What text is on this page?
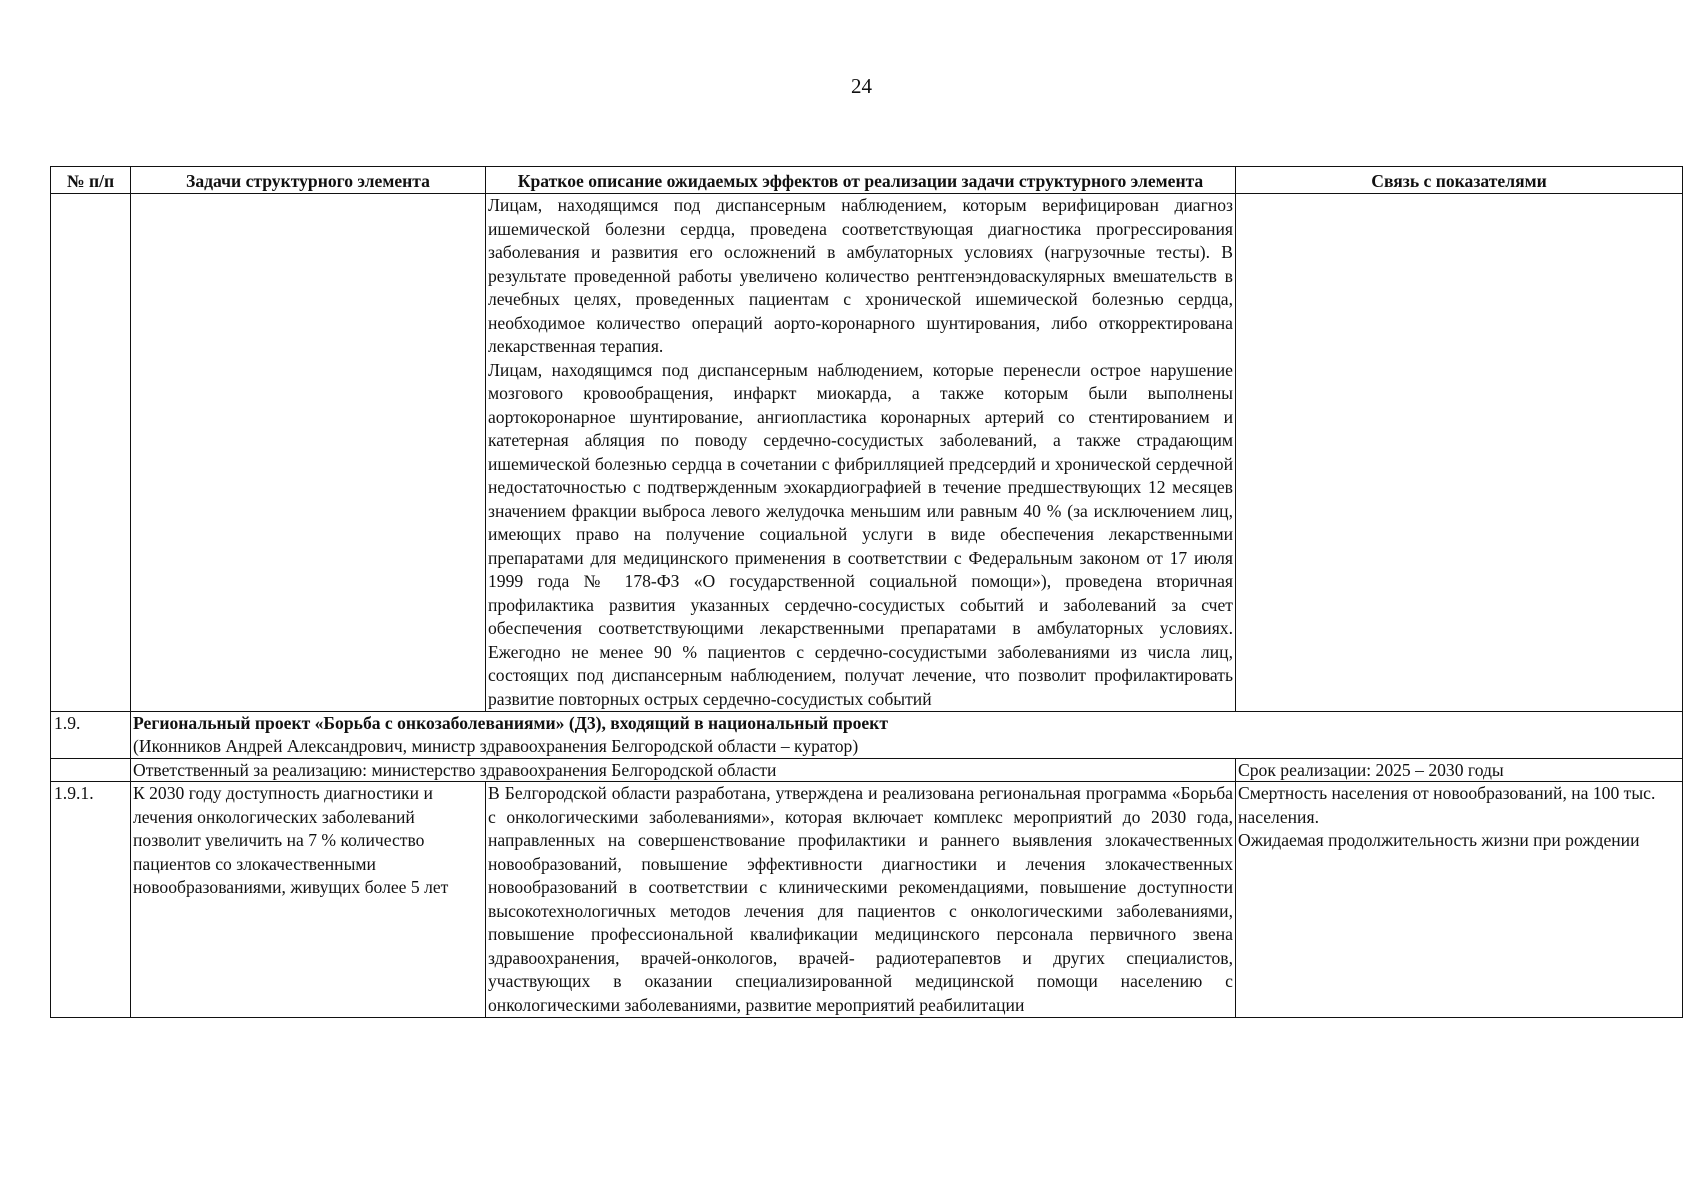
24
№ п/п	Задачи структурного элемента	Краткое описание ожидаемых эффектов от реализации задачи структурного элемента	Связь с показателями

		Лицам, находящимся под диспансерным наблюдением, которым верифицирован диагноз ишемической болезни сердца, проведена соответствующая диагностика прогрессирования заболевания и развития его осложнений в амбулаторных условиях (нагрузочные тесты). В результате проведенной работы увеличено количество рентгенэндоваскулярных вмешательств в лечебных целях, проведенных пациентам с хронической ишемической болезнью сердца, необходимое количество операций аорто-коронарного шунтирования, либо откорректирована лекарственная терапия.
Лицам, находящимся под диспансерным наблюдением, которые перенесли острое нарушение мозгового кровообращения, инфаркт миокарда, а также которым были выполнены аортокоронарное шунтирование, ангиопластика коронарных артерий со стентированием и катетерная абляция по поводу сердечно-сосудистых заболеваний, а также страдающим ишемической болезнью сердца в сочетании с фибрилляцией предсердий и хронической сердечной недостаточностью с подтвержденным эхокардиографией в течение предшествующих 12 месяцев значением фракции выброса левого желудочка меньшим или равным 40 % (за исключением лиц, имеющих право на получение социальной услуги в виде обеспечения лекарственными препаратами для медицинского применения в соответствии с Федеральным законом от 17 июля 1999 года № 178-ФЗ «О государственной социальной помощи»), проведена вторичная профилактика развития указанных сердечно-сосудистых событий и заболеваний за счет обеспечения соответствующими лекарственными препаратами в амбулаторных условиях. Ежегодно не менее 90 % пациентов с сердечно-сосудистыми заболеваниями из числа лиц, состоящих под диспансерным наблюдением, получат лечение, что позволит профилактировать развитие повторных острых сердечно-сосудистых событий	

1.9.	Региональный проект «Борьба с онкозаболеваниями» (Д3), входящий в национальный проект
(Иконников Андрей Александрович, министр здравоохранения Белгородской области – куратор)		

	Ответственный за реализацию: министерство здравоохранения Белгородской области		Срок реализации: 2025 – 2030 годы
1.9.1.	К 2030 году доступность диагностики и лечения онкологических заболеваний позволит увеличить на 7 % количество пациентов со злокачественными новообразованиями, живущих более 5 лет	В Белгородской области разработана, утверждена и реализована региональная программа «Борьба с онкологическими заболеваниями», которая включает комплекс мероприятий до 2030 года, направленных на совершенствование профилактики и раннего выявления злокачественных новообразований, повышение эффективности диагностики и лечения злокачественных новообразований в соответствии с клиническими рекомендациями, повышение доступности высокотехнологичных методов лечения для пациентов с онкологическими заболеваниями, повышение профессиональной квалификации медицинского персонала первичного звена здравоохранения, врачей-онкологов, врачей- радиотерапевтов и других специалистов, участвующих в оказании специализированной медицинской помощи населению с онкологическими заболеваниями, развитие мероприятий реабилитации	Смертность населения от новообразований, на 100 тыс. населения.
Ожидаемая продолжительность жизни при рождении
